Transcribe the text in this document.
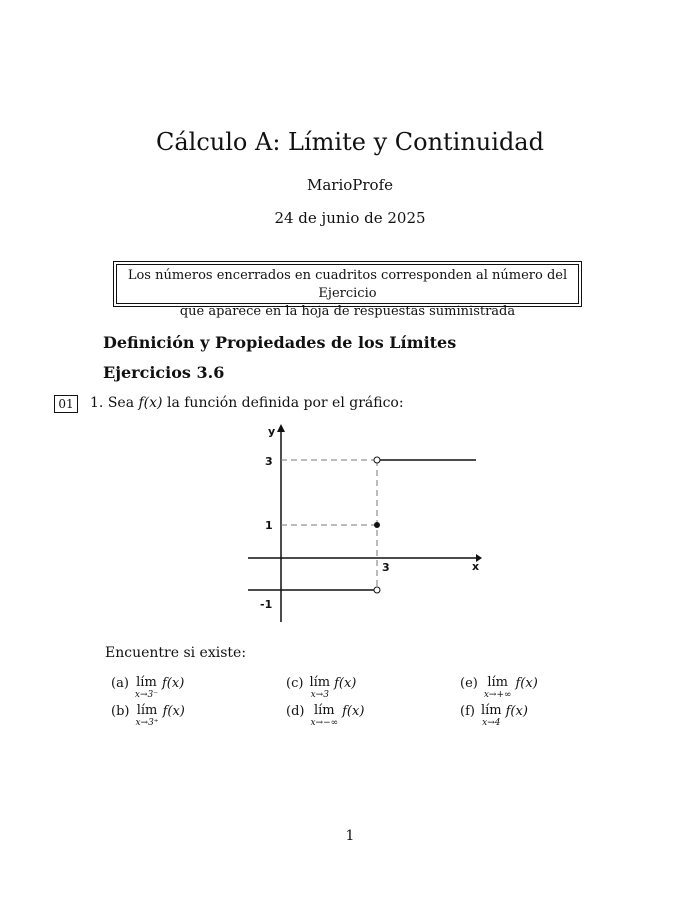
Cálculo A: Límite y Continuidad
MarioProfe
24 de junio de 2025
Los números encerrados en cuadritos corresponden al número del Ejercicio
que aparece en la hoja de respuestas suministrada
Definición y Propiedades de los Límites
Ejercicios 3.6
01	1. Sea f(x) la función definida por el gráfico:
y
x
3
3
1
-1
Encuentre si existe:
(a) lím
x→3⁻
f(x)	(c) lím
x→3
f(x)	(e) lím
x→+∞
f(x)
(b) lím
x→3⁺
f(x)	(d) lím
x→−∞
f(x)	(f) lím
x→4
f(x)
1
